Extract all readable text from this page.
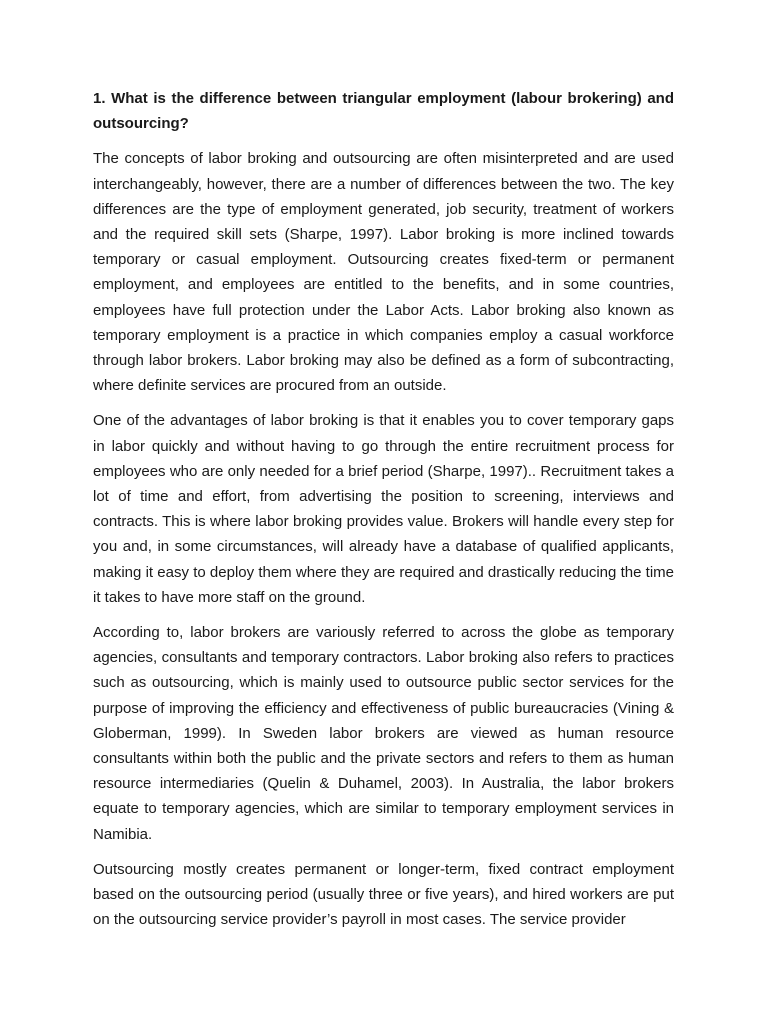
1. What is the difference between triangular employment (labour brokering) and outsourcing?

The concepts of labor broking and outsourcing are often misinterpreted and are used interchangeably, however, there are a number of differences between the two. The key differences are the type of employment generated, job security, treatment of workers and the required skill sets (Sharpe, 1997). Labor broking is more inclined towards temporary or casual employment. Outsourcing creates fixed-term or permanent employment, and employees are entitled to the benefits, and in some countries, employees have full protection under the Labor Acts. Labor broking also known as temporary employment is a practice in which companies employ a casual workforce through labor brokers. Labor broking may also be defined as a form of subcontracting, where definite services are procured from an outside.

One of the advantages of labor broking is that it enables you to cover temporary gaps in labor quickly and without having to go through the entire recruitment process for employees who are only needed for a brief period (Sharpe, 1997).. Recruitment takes a lot of time and effort, from advertising the position to screening, interviews and contracts. This is where labor broking provides value. Brokers will handle every step for you and, in some circumstances, will already have a database of qualified applicants, making it easy to deploy them where they are required and drastically reducing the time it takes to have more staff on the ground.

According to, labor brokers are variously referred to across the globe as temporary agencies, consultants and temporary contractors. Labor broking also refers to practices such as outsourcing, which is mainly used to outsource public sector services for the purpose of improving the efficiency and effectiveness of public bureaucracies (Vining & Globerman, 1999). In Sweden labor brokers are viewed as human resource consultants within both the public and the private sectors and refers to them as human resource intermediaries (Quelin & Duhamel, 2003). In Australia, the labor brokers equate to temporary agencies, which are similar to temporary employment services in Namibia.

Outsourcing mostly creates permanent or longer-term, fixed contract employment based on the outsourcing period (usually three or five years), and hired workers are put on the outsourcing service provider’s payroll in most cases. The service provider
